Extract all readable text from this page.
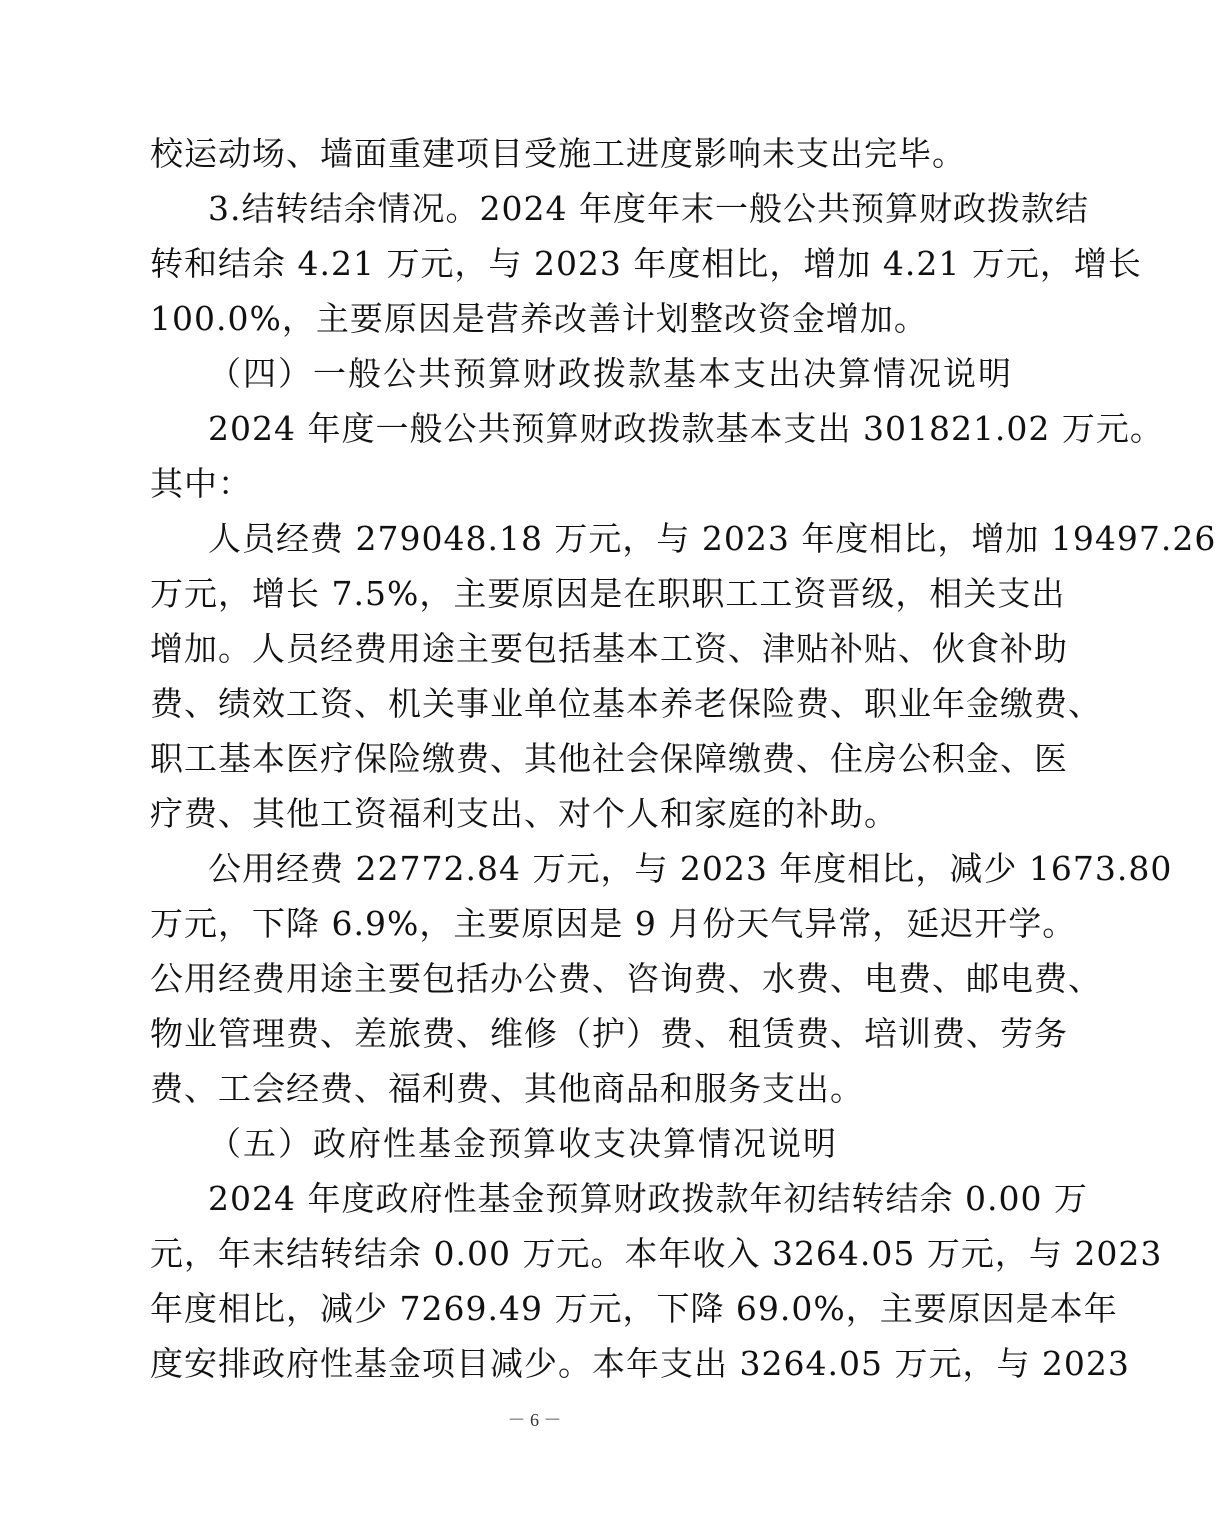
校运动场、墙面重建项目受施工进度影响未支出完毕。
3.结转结余情况。2024 年度年末一般公共预算财政拨款结
转和结余 4.21 万元，与 2023 年度相比，增加 4.21 万元，增长
100.0%，主要原因是营养改善计划整改资金增加。
（四）一般公共预算财政拨款基本支出决算情况说明
2024 年度一般公共预算财政拨款基本支出 301821.02 万元。
其中：
人员经费 279048.18 万元，与 2023 年度相比，增加 19497.26
万元，增长 7.5%，主要原因是在职职工工资晋级，相关支出
增加。人员经费用途主要包括基本工资、津贴补贴、伙食补助
费、绩效工资、机关事业单位基本养老保险费、职业年金缴费、
职工基本医疗保险缴费、其他社会保障缴费、住房公积金、医
疗费、其他工资福利支出、对个人和家庭的补助。
公用经费 22772.84 万元，与 2023 年度相比，减少 1673.80
万元，下降 6.9%，主要原因是 9 月份天气异常，延迟开学。
公用经费用途主要包括办公费、咨询费、水费、电费、邮电费、
物业管理费、差旅费、维修（护）费、租赁费、培训费、劳务
费、工会经费、福利费、其他商品和服务支出。
（五）政府性基金预算收支决算情况说明
2024 年度政府性基金预算财政拨款年初结转结余 0.00 万
元，年末结转结余 0.00 万元。本年收入 3264.05 万元，与 2023
年度相比，减少 7269.49 万元，下降 69.0%，主要原因是本年
度安排政府性基金项目减少。本年支出 3264.05 万元，与 2023
－ 6 －
